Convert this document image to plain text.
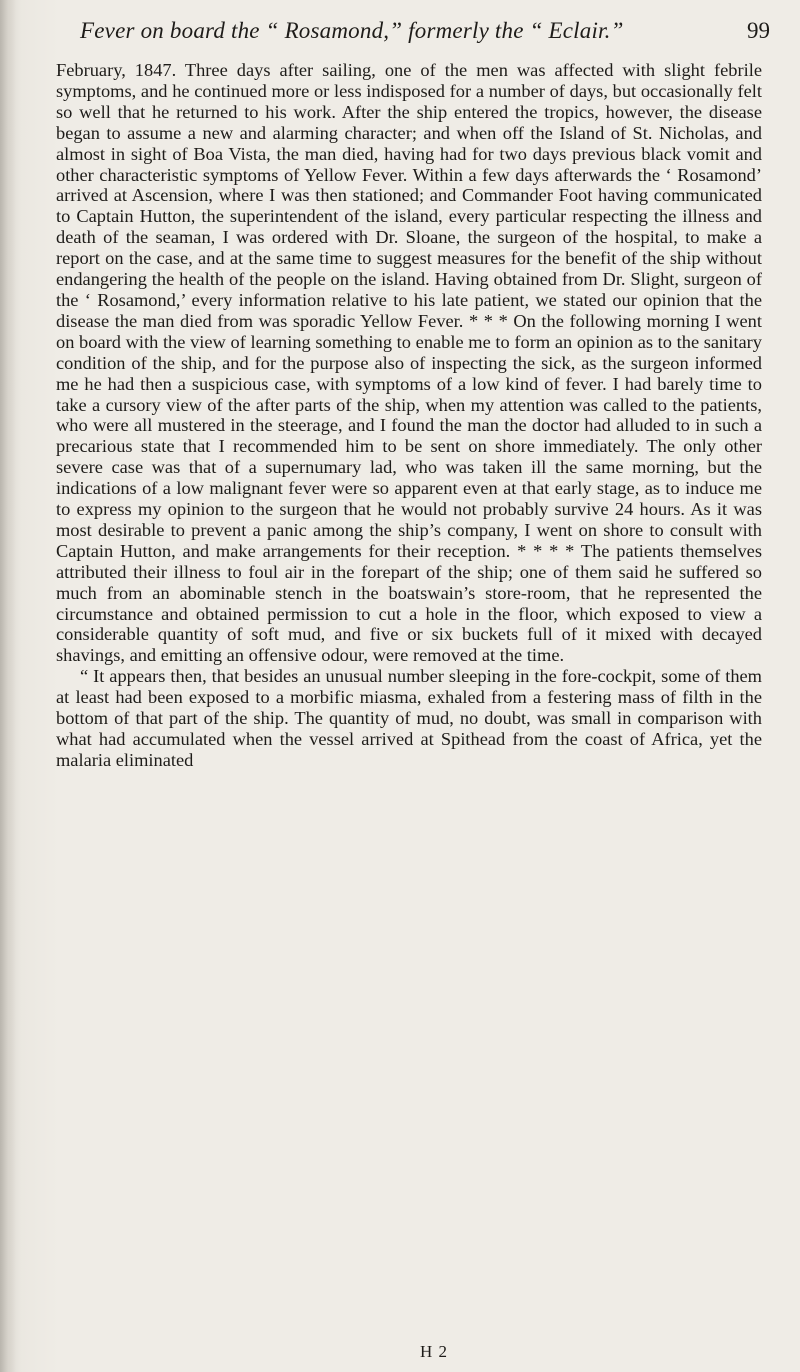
Fever on board the “ Rosamond,” formerly the “ Eclair.”	99

February, 1847. Three days after sailing, one of the men was affected with slight febrile symptoms, and he continued more or less indisposed for a number of days, but occasionally felt so well that he returned to his work. After the ship entered the tropics, however, the disease began to assume a new and alarming character; and when off the Island of St. Nicholas, and almost in sight of Boa Vista, the man died, having had for two days previous black vomit and other characteristic symptoms of Yellow Fever. Within a few days afterwards the ‘ Rosamond’ arrived at Ascension, where I was then stationed; and Commander Foot having communicated to Captain Hutton, the superintendent of the island, every particular respecting the illness and death of the seaman, I was ordered with Dr. Sloane, the surgeon of the hospital, to make a report on the case, and at the same time to suggest measures for the benefit of the ship without endangering the health of the people on the island. Having obtained from Dr. Slight, surgeon of the ‘ Rosamond,’ every information relative to his late patient, we stated our opinion that the disease the man died from was sporadic Yellow Fever. * * * On the following morning I went on board with the view of learning something to enable me to form an opinion as to the sanitary condition of the ship, and for the purpose also of inspecting the sick, as the surgeon informed me he had then a suspicious case, with symptoms of a low kind of fever. I had barely time to take a cursory view of the after parts of the ship, when my attention was called to the patients, who were all mustered in the steerage, and I found the man the doctor had alluded to in such a precarious state that I recommended him to be sent on shore immediately. The only other severe case was that of a supernumary lad, who was taken ill the same morning, but the indications of a low malignant fever were so apparent even at that early stage, as to induce me to express my opinion to the surgeon that he would not probably survive 24 hours. As it was most desirable to prevent a panic among the ship’s company, I went on shore to consult with Captain Hutton, and make arrangements for their reception. * * * * The patients themselves attributed their illness to foul air in the forepart of the ship; one of them said he suffered so much from an abominable stench in the boatswain’s store-room, that he represented the circumstance and obtained permission to cut a hole in the floor, which exposed to view a considerable quantity of soft mud, and five or six buckets full of it mixed with decayed shavings, and emitting an offensive odour, were removed at the time.

“ It appears then, that besides an unusual number sleeping in the fore-cockpit, some of them at least had been exposed to a morbific miasma, exhaled from a festering mass of filth in the bottom of that part of the ship. The quantity of mud, no doubt, was small in comparison with what had accumulated when the vessel arrived at Spithead from the coast of Africa, yet the malaria eliminated

H 2
